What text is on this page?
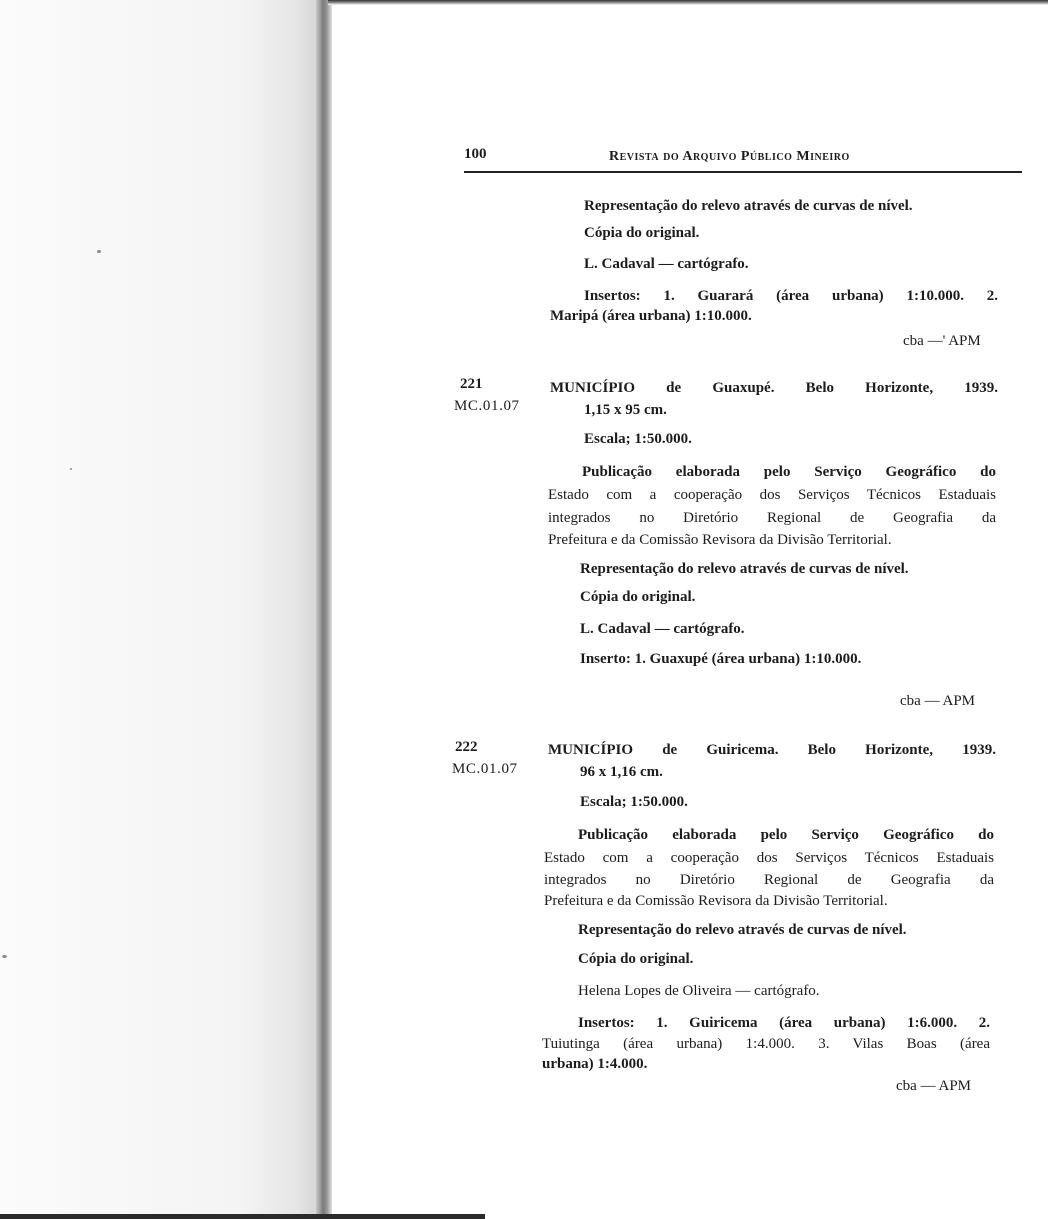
100	Revista do Arquivo Público Mineiro
Representação do relevo através de curvas de nível.
Cópia do original.
L. Cadaval — cartógrafo.
Insertos: 1. Guarará (área urbana) 1:10.000. 2.
Maripá (área urbana) 1:10.000.
cba —' APM
221
MC.01.07
MUNICÍPIO de Guaxupé. Belo Horizonte, 1939.
1,15 x 95 cm.
Escala; 1:50.000.
Publicação elaborada pelo Serviço Geográfico do
Estado com a cooperação dos Serviços Técnicos Estaduais
integrados no Diretório Regional de Geografia da
Prefeitura e da Comissão Revisora da Divisão Territorial.
Representação do relevo através de curvas de nível.
Cópia do original.
L. Cadaval — cartógrafo.
Inserto: 1. Guaxupé (área urbana) 1:10.000.
cba — APM
222
MC.01.07
MUNICÍPIO de Guiricema. Belo Horizonte, 1939.
96 x 1,16 cm.
Escala; 1:50.000.
Publicação elaborada pelo Serviço Geográfico do
Estado com a cooperação dos Serviços Técnicos Estaduais
integrados no Diretório Regional de Geografia da
Prefeitura e da Comissão Revisora da Divisão Territorial.
Representação do relevo através de curvas de nível.
Cópia do original.
Helena Lopes de Oliveira — cartógrafo.
Insertos: 1. Guiricema (área urbana) 1:6.000. 2.
Tuiutinga (área urbana) 1:4.000. 3. Vilas Boas (área
urbana) 1:4.000.
cba — APM
